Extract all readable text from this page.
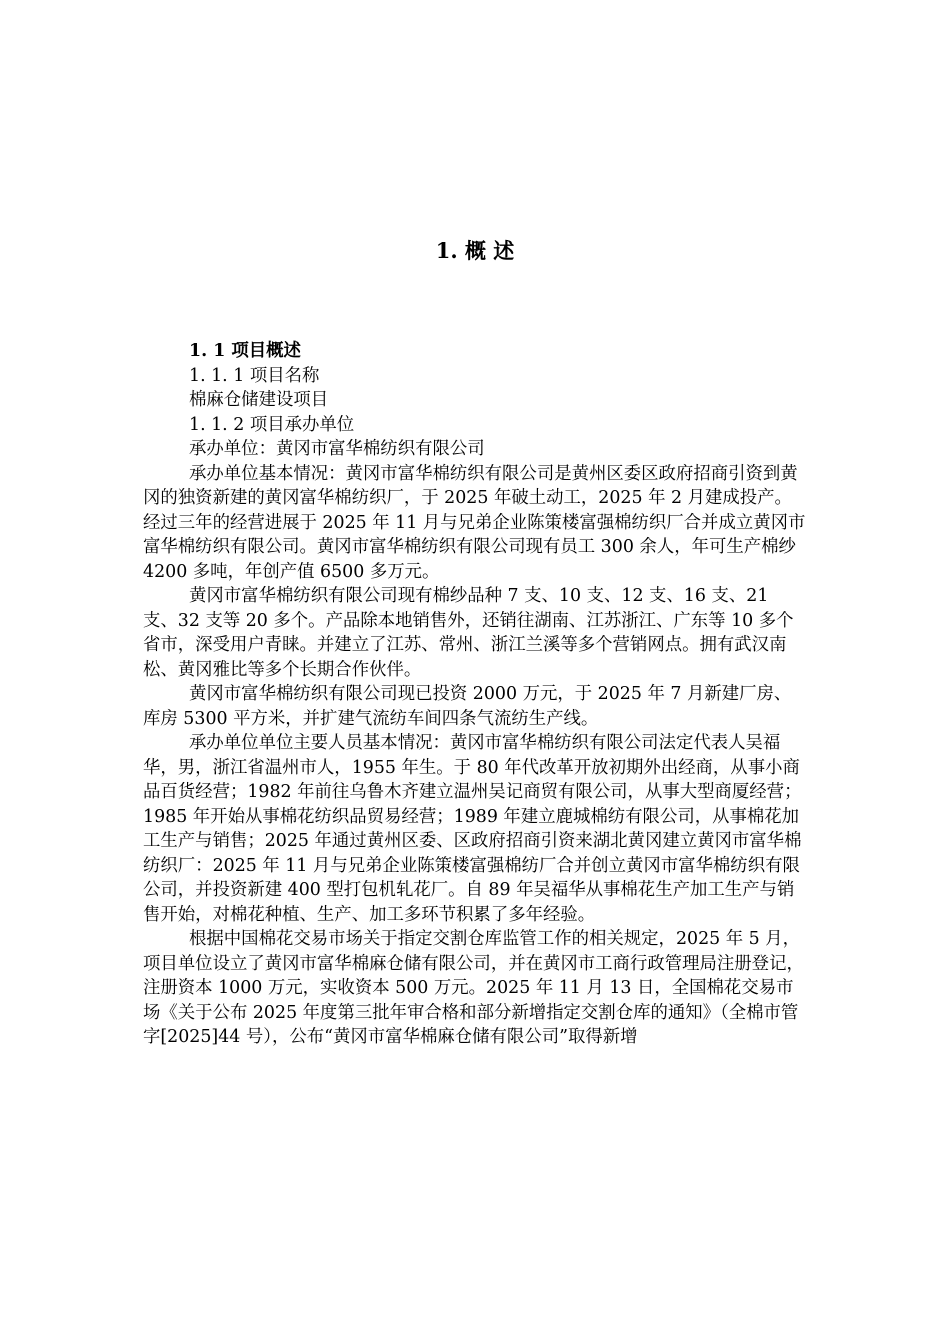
1. 概 述

1. 1 项目概述

1. 1. 1 项目名称

棉麻仓储建设项目

1. 1. 2 项目承办单位

承办单位：黄冈市富华棉纺织有限公司

承办单位基本情况：黄冈市富华棉纺织有限公司是黄州区委区政府招商引资到黄冈的独资新建的黄冈富华棉纺织厂，于 2025 年破土动工，2025 年 2 月建成投产。经过三年的经营进展于 2025 年 11 月与兄弟企业陈策楼富强棉纺织厂合并成立黄冈市富华棉纺织有限公司。黄冈市富华棉纺织有限公司现有员工 300 余人，年可生产棉纱 4200 多吨，年创产值 6500 多万元。

黄冈市富华棉纺织有限公司现有棉纱品种 7 支、10 支、12 支、16 支、21 支、32 支等 20 多个。产品除本地销售外，还销往湖南、江苏浙江、广东等 10 多个省市，深受用户青睐。并建立了江苏、常州、浙江兰溪等多个营销网点。拥有武汉南松、黄冈雅比等多个长期合作伙伴。

黄冈市富华棉纺织有限公司现已投资 2000 万元，于 2025 年 7 月新建厂房、库房 5300 平方米，并扩建气流纺车间四条气流纺生产线。

承办单位单位主要人员基本情况：黄冈市富华棉纺织有限公司法定代表人吴福华，男，浙江省温州市人，1955 年生。于 80 年代改革开放初期外出经商，从事小商品百货经营；1982 年前往乌鲁木齐建立温州吴记商贸有限公司，从事大型商厦经营；1985 年开始从事棉花纺织品贸易经营；1989 年建立鹿城棉纺有限公司，从事棉花加工生产与销售；2025 年通过黄州区委、区政府招商引资来湖北黄冈建立黄冈市富华棉纺织厂：2025 年 11 月与兄弟企业陈策楼富强棉纺厂合并创立黄冈市富华棉纺织有限公司，并投资新建 400 型打包机轧花厂。自 89 年吴福华从事棉花生产加工生产与销售开始，对棉花种植、生产、加工多环节积累了多年经验。

根据中国棉花交易市场关于指定交割仓库监管工作的相关规定，2025 年 5 月，项目单位设立了黄冈市富华棉麻仓储有限公司，并在黄冈市工商行政管理局注册登记，注册资本 1000 万元，实收资本 500 万元。2025 年 11 月 13 日，全国棉花交易市场《关于公布 2025 年度第三批年审合格和部分新增指定交割仓库的通知》（全棉市管字[2025]44 号），公布“黄冈市富华棉麻仓储有限公司”取得新增
